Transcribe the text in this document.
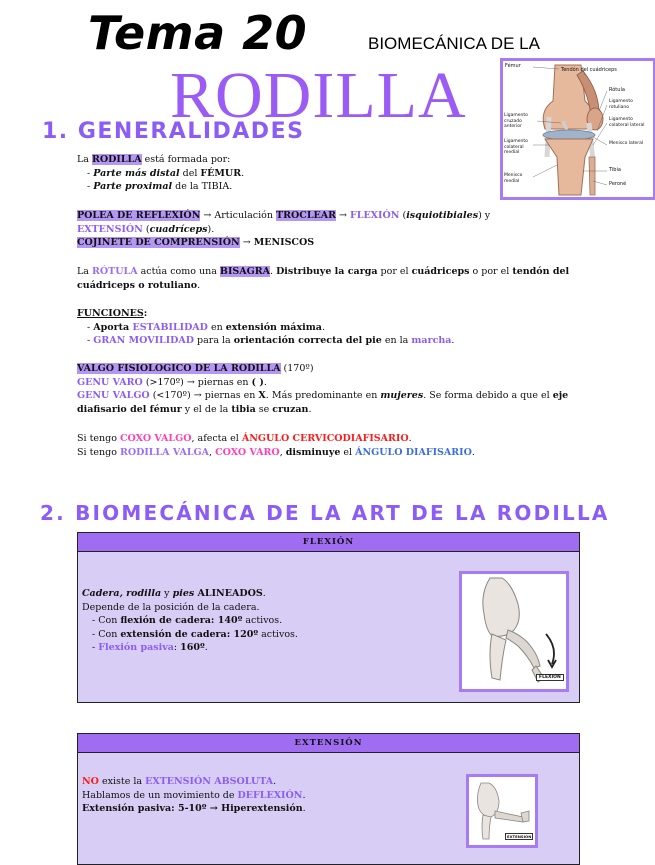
Tema 20	BIOMECÁNICA DE LA
RODILLA	Fémur
Tendón del cuádriceps
Ligamento cruzado anterior
Ligamento colateral medial
Menisco medial
Rótula
Ligamento rotuliano
Ligamento colateral lateral
Menisco lateral
Tibia
Peroné
1. GENERALIDADES
La RODILLA está formada por:
- Parte más distal del FÉMUR.
- Parte proximal de la TIBIA.
POLEA DE REFLEXIÓN → Articulación TROCLEAR → FLEXIÓN (isquiotibiales) y
EXTENSIÓN (cuadríceps).
COJINETE DE COMPRENSIÓN → MENISCOS
La RÓTULA actúa como una BISAGRA. Distribuye la carga por el cuádriceps o por el tendón del cuádriceps o rotuliano.
FUNCIONES:
- Aporta ESTABILIDAD en extensión máxima.
- GRAN MOVILIDAD para la orientación correcta del pie en la marcha.
VALGO FISIOLOGICO DE LA RODILLA (170º)
GENU VARO (>170º) → piernas en ( ).
GENU VALGO (<170º) → piernas en X. Más predominante en mujeres. Se forma debido a que el eje diafisario del fémur y el de la tibia se cruzan.
Si tengo COXO VALGO, afecta el ÁNGULO CERVICODIAFISARIO.
Si tengo RODILLA VALGA, COXO VARO, disminuye el ÁNGULO DIAFISARIO.
2. BIOMECÁNICA DE LA ART DE LA RODILLA
FLEXIÓN
Cadera, rodilla y pies ALINEADOS.
Depende de la posición de la cadera.
- Con flexión de cadera: 140º activos.
- Con extensión de cadera: 120º activos.
- Flexión pasiva: 160º.
FLEXIÓN
EXTENSIÓN
NO existe la EXTENSIÓN ABSOLUTA.
Hablamos de un movimiento de DEFLEXIÓN.
Extensión pasiva: 5-10º → Hiperextensión.
EXTENSIÓN
